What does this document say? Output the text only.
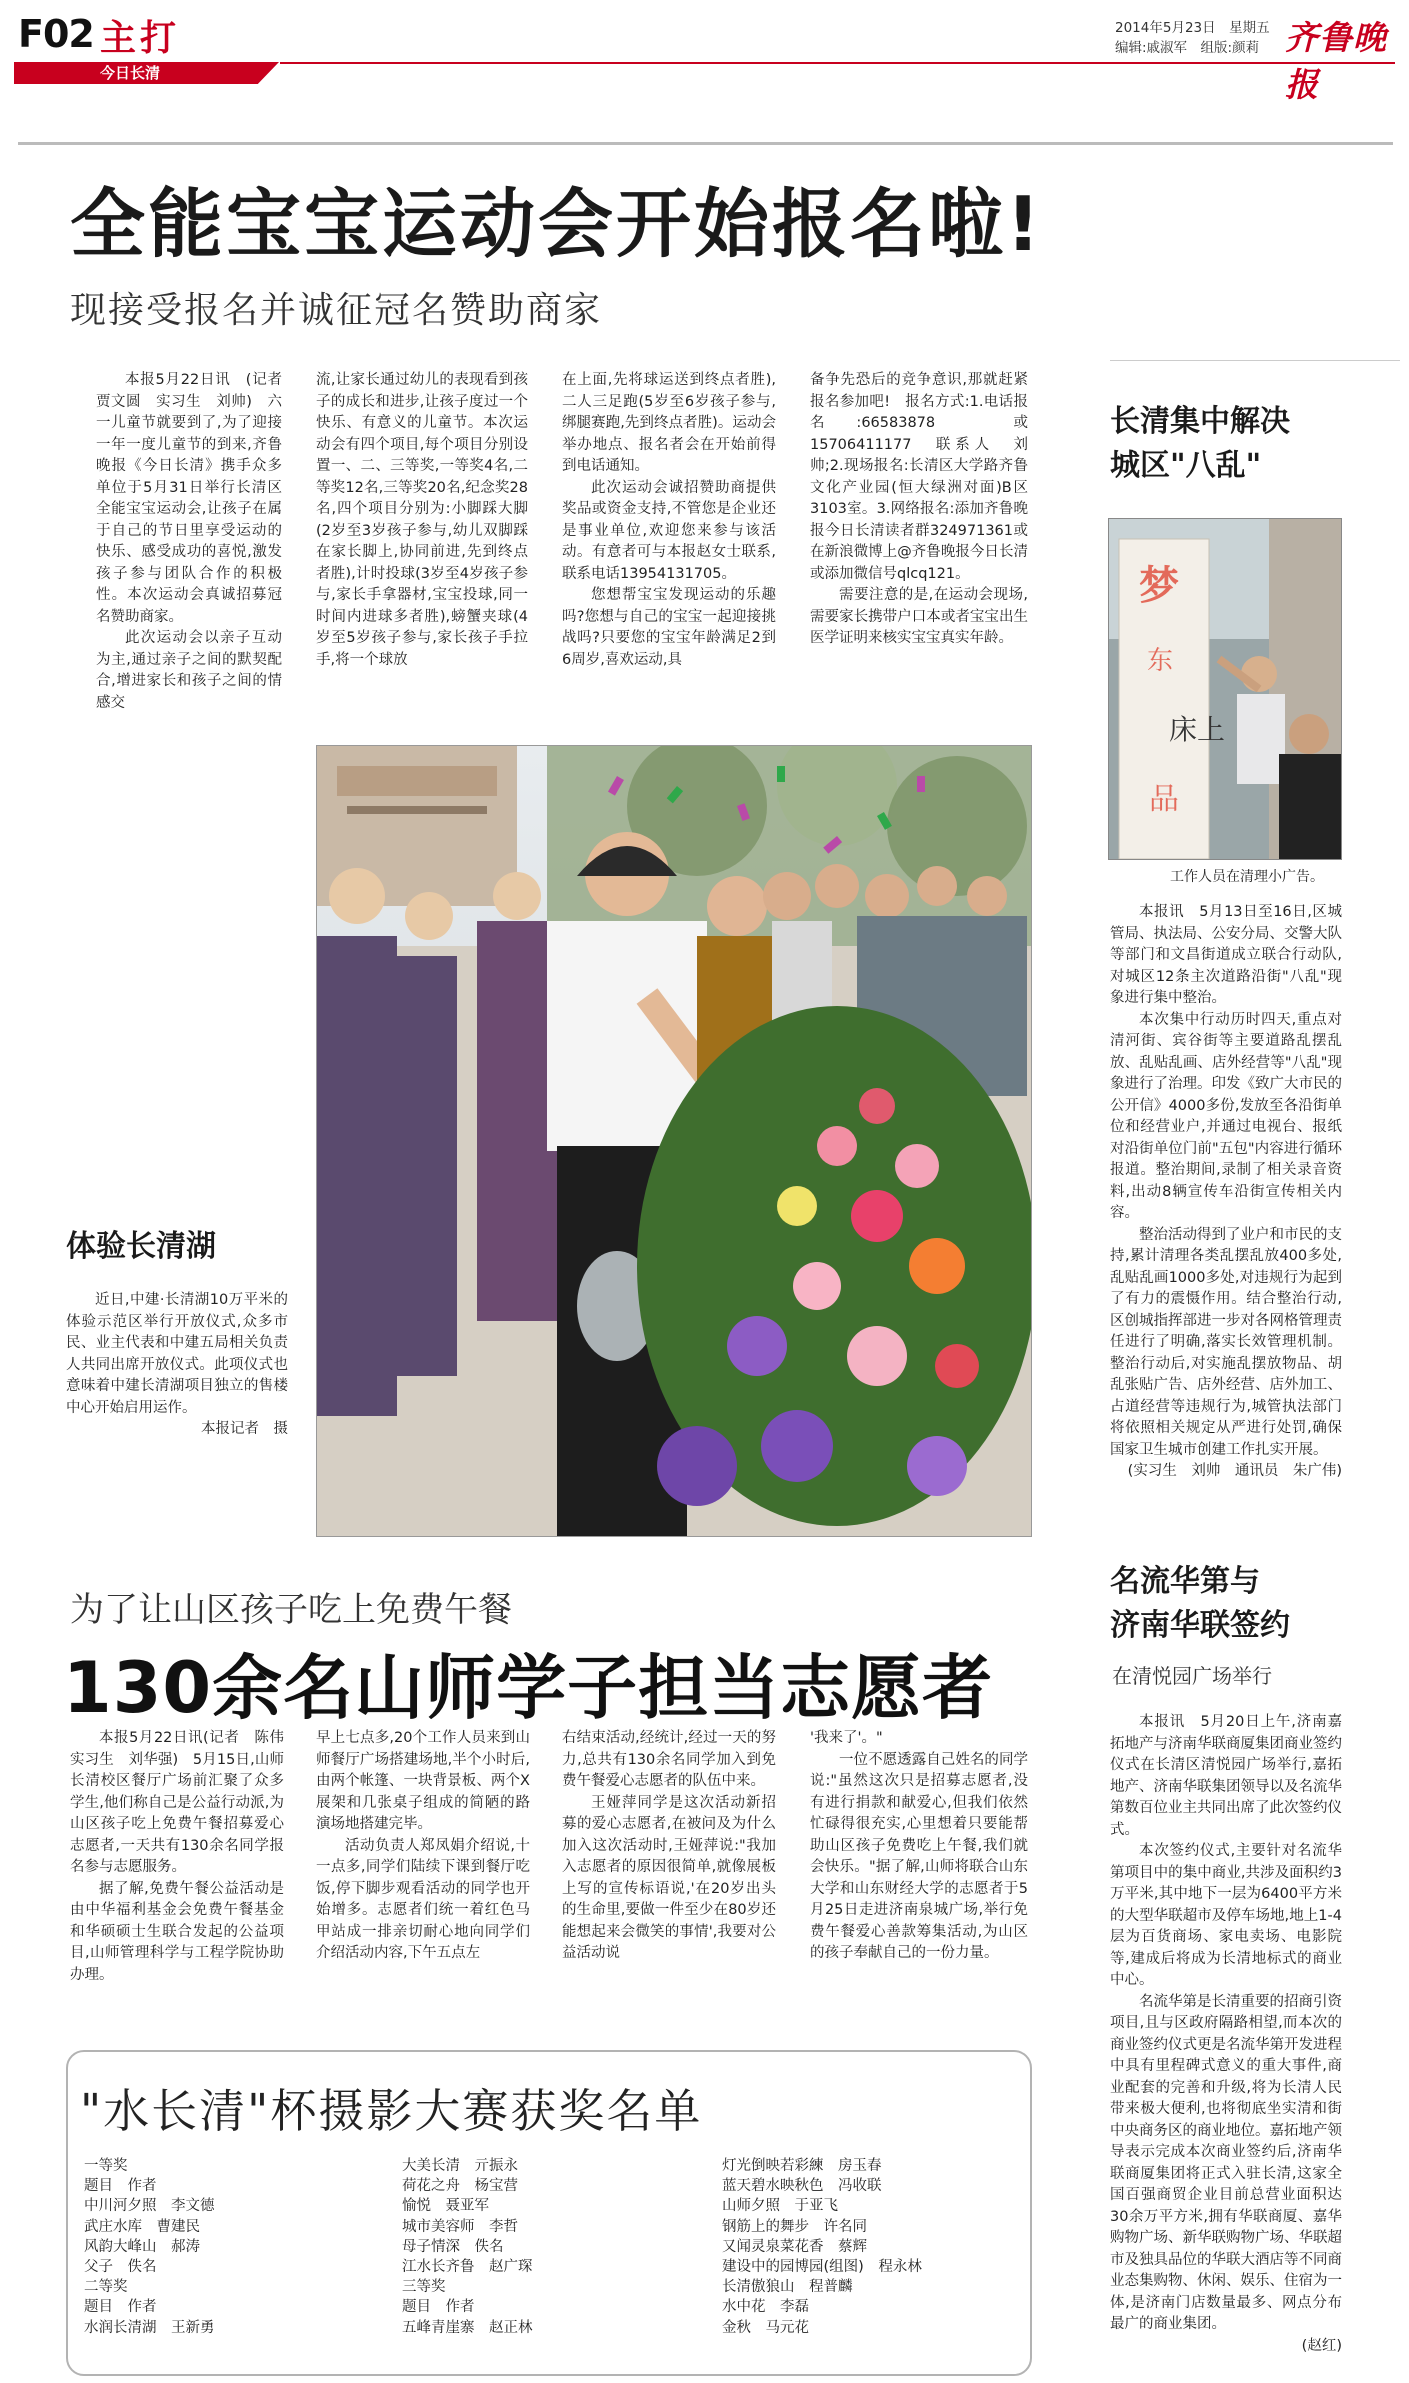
F02 主打
今日长清
2014年5月23日　星期五
编辑:戚淑军　组版:颜莉 齐鲁晚报
全能宝宝运动会开始报名啦!
现接受报名并诚征冠名赞助商家

本报5月22日讯　(记者　贾文圆　实习生　刘帅)　六一儿童节就要到了,为了迎接一年一度儿童节的到来,齐鲁晚报《今日长清》携手众多单位于5月31日举行长清区全能宝宝运动会,让孩子在属于自己的节日里享受运动的快乐、感受成功的喜悦,激发孩子参与团队合作的积极性。本次运动会真诚招募冠名赞助商家。

此次运动会以亲子互动为主,通过亲子之间的默契配合,增进家长和孩子之间的情感交

流,让家长通过幼儿的表现看到孩子的成长和进步,让孩子度过一个快乐、有意义的儿童节。本次运动会有四个项目,每个项目分别设置一、二、三等奖,一等奖4名,二等奖12名,三等奖20名,纪念奖28名,四个项目分别为:小脚踩大脚(2岁至3岁孩子参与,幼儿双脚踩在家长脚上,协同前进,先到终点者胜),计时投球(3岁至4岁孩子参与,家长手拿器材,宝宝投球,同一时间内进球多者胜),螃蟹夹球(4岁至5岁孩子参与,家长孩子手拉手,将一个球放

在上面,先将球运送到终点者胜),二人三足跑(5岁至6岁孩子参与,绑腿赛跑,先到终点者胜)。运动会举办地点、报名者会在开始前得到电话通知。

此次运动会诚招赞助商提供奖品或资金支持,不管您是企业还是事业单位,欢迎您来参与该活动。有意者可与本报赵女士联系,联系电话13954131705。

您想帮宝宝发现运动的乐趣吗?您想与自己的宝宝一起迎接挑战吗?只要您的宝宝年龄满足2到6周岁,喜欢运动,具

备争先恐后的竞争意识,那就赶紧报名参加吧!　报名方式:1.电话报名:66583878　或15706411177　联系人　刘帅;2.现场报名:长清区大学路齐鲁文化产业园(恒大绿洲对面)B区3103室。3.网络报名:添加齐鲁晚报今日长清读者群324971361或在新浪微博上@齐鲁晚报今日长清或添加微信号qlcq121。

需要注意的是,在运动会现场,需要家长携带户口本或者宝宝出生医学证明来核实宝宝真实年龄。

体验长清湖

近日,中建·长清湖10万平米的体验示范区举行开放仪式,众多市民、业主代表和中建五局相关负责人共同出席开放仪式。此项仪式也意味着中建长清湖项目独立的售楼中心开始启用运作。

本报记者　摄

为了让山区孩子吃上免费午餐
130余名山师学子担当志愿者

本报5月22日讯(记者　陈伟　实习生　刘华强)　5月15日,山师长清校区餐厅广场前汇聚了众多学生,他们称自己是公益行动派,为山区孩子吃上免费午餐招募爱心志愿者,一天共有130余名同学报名参与志愿服务。

据了解,免费午餐公益活动是由中华福利基金会免费午餐基金和华硕硕士生联合发起的公益项目,山师管理科学与工程学院协助办理。

早上七点多,20个工作人员来到山师餐厅广场搭建场地,半个小时后,由两个帐篷、一块背景板、两个X展架和几张桌子组成的简陋的路演场地搭建完毕。

活动负责人郑凤娟介绍说,十一点多,同学们陆续下课到餐厅吃饭,停下脚步观看活动的同学也开始增多。志愿者们统一着红色马甲站成一排亲切耐心地向同学们介绍活动内容,下午五点左

右结束活动,经统计,经过一天的努力,总共有130余名同学加入到免费午餐爱心志愿者的队伍中来。

王娅萍同学是这次活动新招募的爱心志愿者,在被问及为什么加入这次活动时,王娅萍说:"我加入志愿者的原因很简单,就像展板上写的宣传标语说,'在20岁出头的生命里,要做一件至少在80岁还能想起来会微笑的事情',我要对公益活动说

'我来了'。"

一位不愿透露自己姓名的同学说:"虽然这次只是招募志愿者,没有进行捐款和献爱心,但我们依然忙碌得很充实,心里想着只要能帮助山区孩子免费吃上午餐,我们就会快乐。"据了解,山师将联合山东大学和山东财经大学的志愿者于5月25日走进济南泉城广场,举行免费午餐爱心善款筹集活动,为山区的孩子奉献自己的一份力量。

"水长清"杯摄影大赛获奖名单
一等奖
题目　作者
中川河夕照　李文德
武庄水库　曹建民
风韵大峰山　郝涛
父子　佚名
二等奖
题目　作者
水润长清湖　王新勇
大美长清　亓振永
荷花之舟　杨宝营
愉悦　聂亚军
城市美容师　李哲
母子情深　佚名
江水长齐鲁　赵广琛
三等奖
题目　作者
五峰青崖寨　赵正林
灯光倒映若彩練　房玉春
蓝天碧水映秋色　冯收联
山师夕照　于亚飞
钢筋上的舞步　许名同
又闻灵泉菜花香　蔡辉
建设中的园博园(组图)　程永林
长清傲狼山　程普麟
水中花　李磊
金秋　马元花
长清集中解决
城区"八乱"
梦
东
床上
品
工作人员在清理小广告。

本报讯　5月13日至16日,区城管局、执法局、公安分局、交警大队等部门和文昌街道成立联合行动队,对城区12条主次道路沿街"八乱"现象进行集中整治。

本次集中行动历时四天,重点对清河街、宾谷街等主要道路乱摆乱放、乱贴乱画、店外经营等"八乱"现象进行了治理。印发《致广大市民的公开信》4000多份,发放至各沿街单位和经营业户,并通过电视台、报纸对沿街单位门前"五包"内容进行循环报道。整治期间,录制了相关录音资料,出动8辆宣传车沿街宣传相关内容。

整治活动得到了业户和市民的支持,累计清理各类乱摆乱放400多处,乱贴乱画1000多处,对违规行为起到了有力的震慑作用。结合整治行动,区创城指挥部进一步对各网格管理责任进行了明确,落实长效管理机制。整治行动后,对实施乱摆放物品、胡乱张贴广告、店外经营、店外加工、占道经营等违规行为,城管执法部门将依照相关规定从严进行处罚,确保国家卫生城市创建工作扎实开展。

(实习生　刘帅　通讯员　朱广伟)

名流华第与
济南华联签约
在清悦园广场举行

本报讯　5月20日上午,济南嘉拓地产与济南华联商厦集团商业签约仪式在长清区清悦园广场举行,嘉拓地产、济南华联集团领导以及名流华第数百位业主共同出席了此次签约仪式。

本次签约仪式,主要针对名流华第项目中的集中商业,共涉及面积约3万平米,其中地下一层为6400平方米的大型华联超市及停车场地,地上1-4层为百货商场、家电卖场、电影院等,建成后将成为长清地标式的商业中心。

名流华第是长清重要的招商引资项目,且与区政府隔路相望,而本次的商业签约仪式更是名流华第开发进程中具有里程碑式意义的重大事件,商业配套的完善和升级,将为长清人民带来极大便利,也将彻底坐实清和街中央商务区的商业地位。嘉拓地产领导表示完成本次商业签约后,济南华联商厦集团将正式入驻长清,这家全国百强商贸企业目前总营业面积达30余万平方米,拥有华联商厦、嘉华购物广场、新华联购物广场、华联超市及独具品位的华联大酒店等不同商业态集购物、休闲、娱乐、住宿为一体,是济南门店数量最多、网点分布最广的商业集团。

(赵红)
